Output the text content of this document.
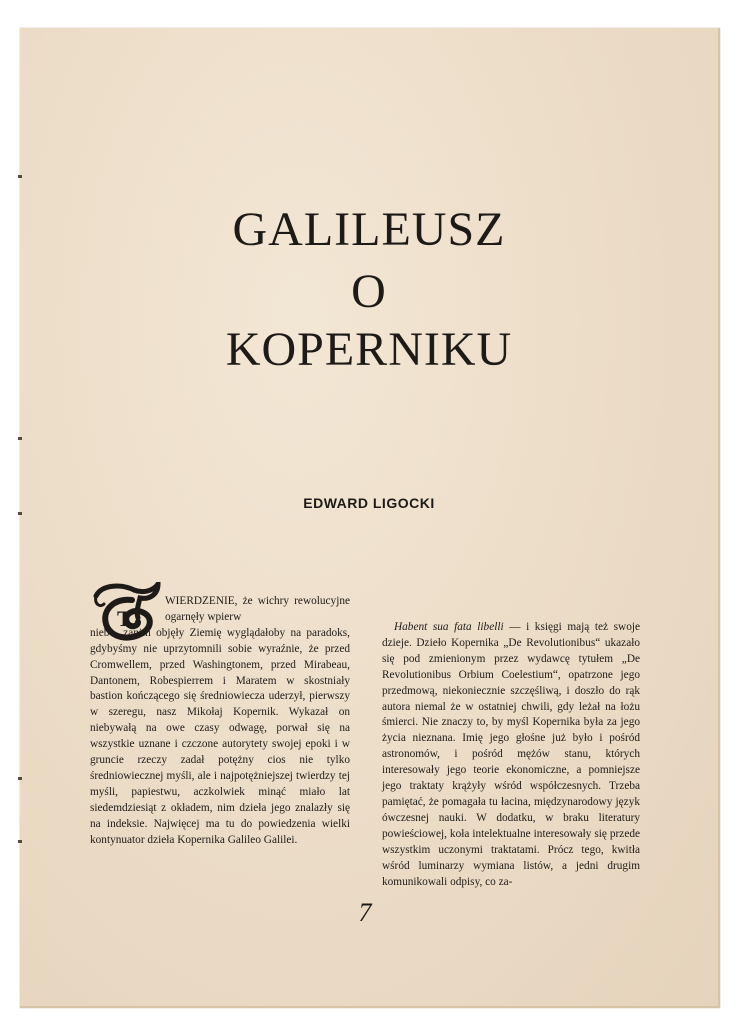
GALILEUSZ
O
KOPERNIKU
EDWARD LIGOCKI
T

WIERDZENIE, że wichry rewolucyjne ogarnęły wpierw
niebo, zanim objęły Ziemię wyglądałoby na paradoks, gdybyśmy nie uprzytomnili sobie wyraźnie, że przed Cromwellem, przed Washingtonem, przed Mirabeau, Dantonem, Robespierrem i Maratem w skostniały bastion kończącego się średniowiecza uderzył, pierwszy w szeregu, nasz Mikołaj Kopernik. Wykazał on niebywałą na owe czasy odwagę, porwał się na wszystkie uznane i czczone autorytety swojej epoki i w gruncie rzeczy zadał potężny cios nie tylko średniowiecznej myśli, ale i najpotężniejszej twierdzy tej myśli, papiestwu, aczkolwiek minąć miało lat siedemdziesiąt z okładem, nim dzieła jego znalazły się na indeksie. Najwięcej ma tu do powiedzenia wielki kontynuator dzieła Kopernika Galileo Galilei.

Habent sua fata libelli — i księgi mają też swoje dzieje. Dzieło Kopernika „De Revolutionibus“ ukazało się pod zmienionym przez wydawcę tytułem „De Revolutionibus Orbium Coelestium“, opatrzone jego przedmową, niekoniecznie szczęśliwą, i doszło do rąk autora niemal że w ostatniej chwili, gdy leżał na łożu śmierci. Nie znaczy to, by myśl Kopernika była za jego życia nieznana. Imię jego głośne już było i pośród astronomów, i pośród mężów stanu, których interesowały jego teorie ekonomiczne, a pomniejsze jego traktaty krążyły wśród współczesnych. Trzeba pamiętać, że pomagała tu łacina, międzynarodowy język ówczesnej nauki. W dodatku, w braku literatury powieściowej, koła intelektualne interesowały się przede wszystkim uczonymi traktatami. Prócz tego, kwitła wśród luminarzy wymiana listów, a jedni drugim komunikowali odpisy, co za-

7
